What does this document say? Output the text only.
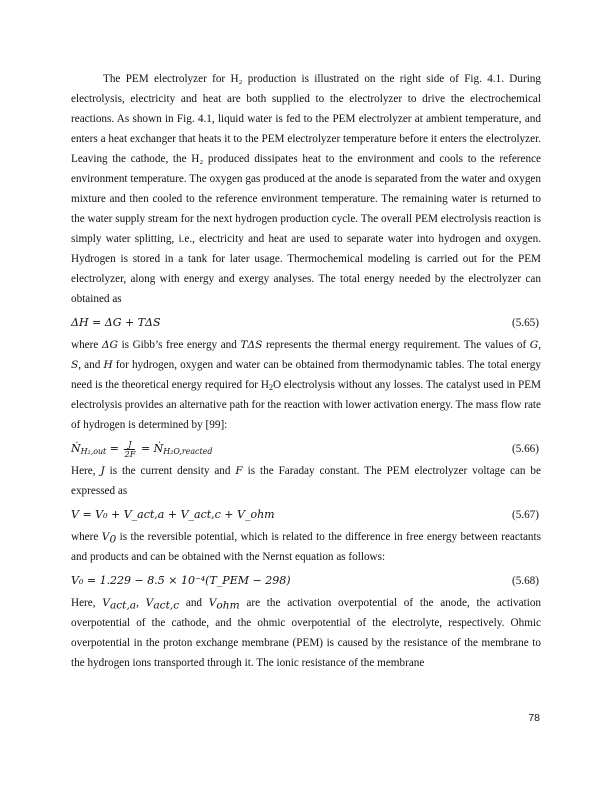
The PEM electrolyzer for H₂ production is illustrated on the right side of Fig. 4.1. During electrolysis, electricity and heat are both supplied to the electrolyzer to drive the electrochemical reactions. As shown in Fig. 4.1, liquid water is fed to the PEM electrolyzer at ambient temperature, and enters a heat exchanger that heats it to the PEM electrolyzer temperature before it enters the electrolyzer. Leaving the cathode, the H₂ produced dissipates heat to the environment and cools to the reference environment temperature. The oxygen gas produced at the anode is separated from the water and oxygen mixture and then cooled to the reference environment temperature. The remaining water is returned to the water supply stream for the next hydrogen production cycle. The overall PEM electrolysis reaction is simply water splitting, i.e., electricity and heat are used to separate water into hydrogen and oxygen. Hydrogen is stored in a tank for later usage. Thermochemical modeling is carried out for the PEM electrolyzer, along with energy and exergy analyses. The total energy needed by the electrolyzer can obtained as

ΔH = ΔG + TΔS	(5.65)

where ΔG is Gibb’s free energy and TΔS represents the thermal energy requirement. The values of G, S, and H for hydrogen, oxygen and water can be obtained from thermodynamic tables. The total energy need is the theoretical energy required for $H_2O$ electrolysis without any losses. The catalyst used in PEM electrolysis provides an alternative path for the reaction with lower activation energy. The mass flow rate of hydrogen is determined by [99]:

Ṅ$_{H_2,out}$ = $\frac{J}{2F}$ = Ṅ$_{H_2O,reacted}$	(5.66)

Here, J is the current density and F is the Faraday constant. The PEM electrolyzer voltage can be expressed as

V = V₀ + V_act,a + V_act,c + V_ohm	(5.67)

where $V_0$ is the reversible potential, which is related to the difference in free energy between reactants and products and can be obtained with the Nernst equation as follows:

V₀ = 1.229 − 8.5 × 10⁻⁴(T_PEM − 298)	(5.68)

Here, $V_{act,a}$, $V_{act,c}$ and $V_{ohm}$ are the activation overpotential of the anode, the activation overpotential of the cathode, and the ohmic overpotential of the electrolyte, respectively. Ohmic overpotential in the proton exchange membrane (PEM) is caused by the resistance of the membrane to the hydrogen ions transported through it. The ionic resistance of the membrane

78
